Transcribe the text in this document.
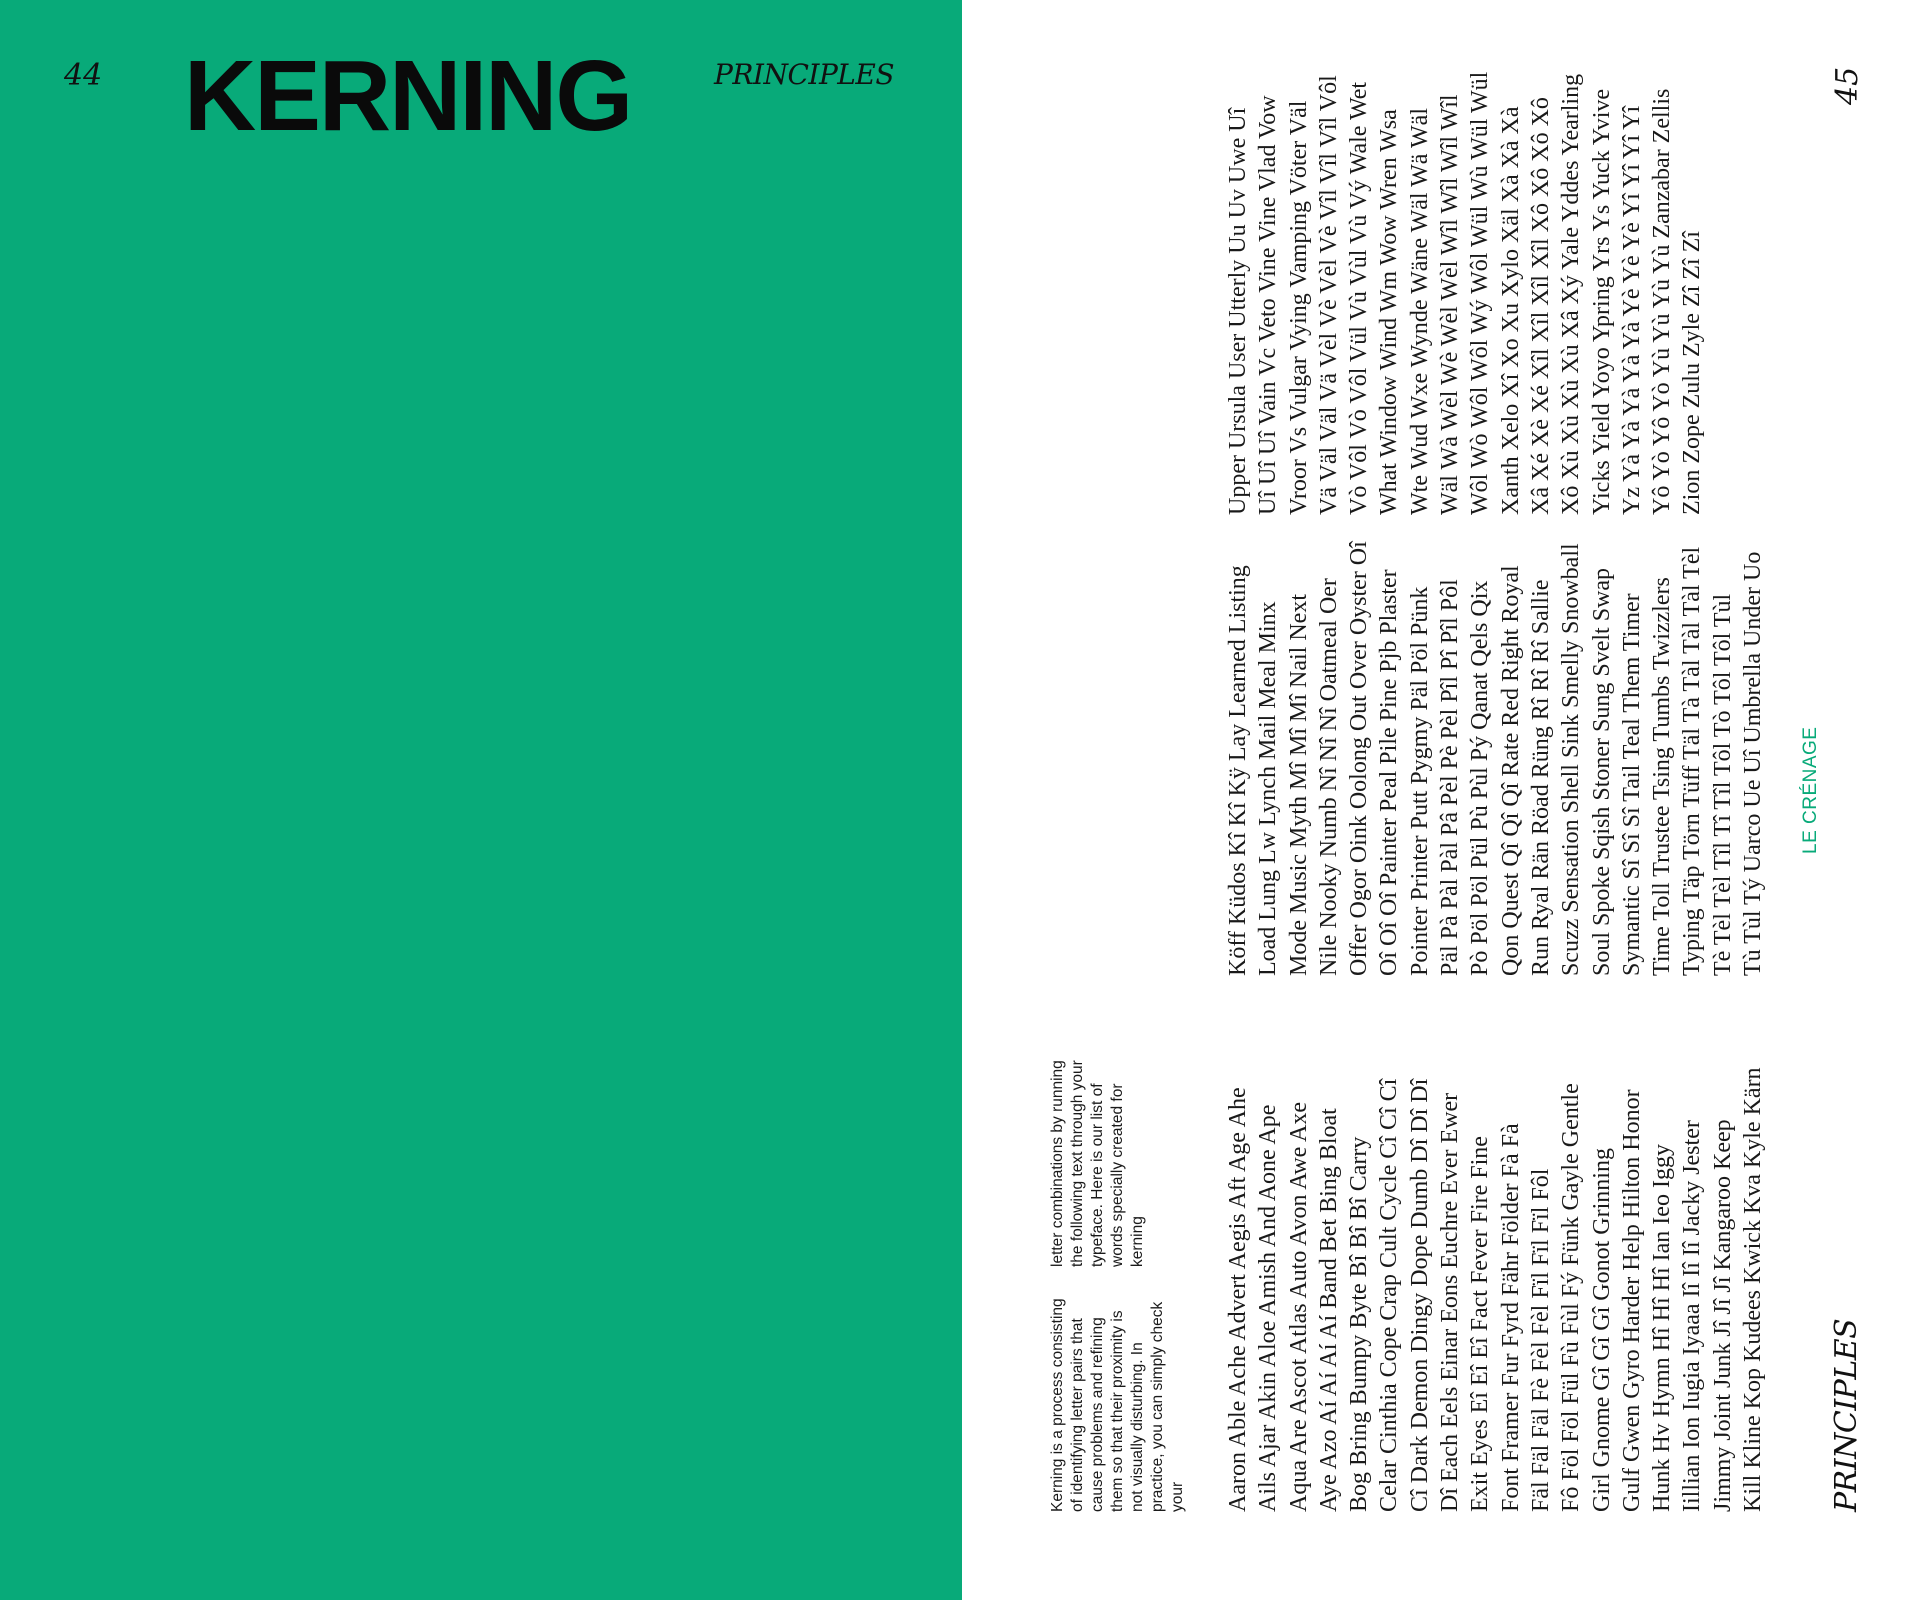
44 KERNING	PRINCIPLES
Kerning is a process consisting of identifying letter pairs that cause problems and refining them so that their proximity is not visually disturbing. In practice, you can simply check your
letter combinations by running the following text through your typeface. Here is our list of words specially created for kerning	Aaron Able Ache Advert Aegis Aft Age Ahe Ails Ajar Akin Aloe Amish And Aone Ape Aqua Are Ascot Atlas Auto Avon Awe Axe Aye Azo Aí Aí Aí Aí Band Bet Bing Bloat Bog Bring Bumpy Byte Bî Bî Bî Carry Celar Cinthia Cope Crap Cult Cycle Cî Cî Cî Cî Dark Demon Dingy Dope Dumb Dî Dî Dî Dî Each Eels Einar Eons Euchre Ever Ewer Exit Eyes Eî Eî Eî Fact Fever Fire Fine Font Framer Fur Fyrd Fähr Földer Fà Fà Fäl Fäl Fäl Fè Fèl Fèl Fïl Fïl Fïl Fôl Fô Föl Föl Fül Fù Fùl Fý Fünk Gayle Gentle Girl Gnome Gî Gî Gî Gonot Grinning Gulf Gwen Gyro Harder Help Hilton Honor Hunk Hv Hymn Hî Hî Hî Ian Ieo Iggy Iillian Ion Iugia Iyaaa Iî Iî Iî Jacky Jester Jimmy Joint Junk Jî Jî Jî Kangaroo Keep Kill Kline Kop Kudees Kwick Kva Kyle Kärn
Köff Küdos Kî Kî Kÿ Lay Learned Listing Load Lung Lw Lynch Mail Meal Minx Mode Music Myth Mî Mî Mî Nail Next Nile Nooky Numb Nî Nî Nî Oatmeal Oer Offer Ogor Oink Oolong Out Over Oyster Oî Oî Oî Oî Painter Peal Pile Pine Pjb Plaster Pointer Printer Putt Pygmy Päl Pöl Pünk Päl Pà Pàl Pàl Pâ Pèl Pè Pèl Pîl Pî Pîl Pôl Pò Pöl Pöl Pül Pù Pùl Pý Qanat Qels Qix Qon Quest Qî Qî Qî Rate Red Right Royal Run Ryal Rän Röad Rüng Rî Rî Rî Sallie Scuzz Sensation Shell Sink Smelly Snowball Soul Spoke Sqish Stoner Sung Svelt Swap Symantic Sî Sî Sî Tail Teal Them Timer Time Toll Trustee Tsing Tumbs Twizzlers Typing Täp Törn Tüff Täl Tà Tàl Tàl Tàl Tèl Tè Tèl Tèl Tîl Tî Tîl Tôl Tò Tôl Tôl Tùl Tù Tùl Tý Uarco Ue Uî Umbrella Under Uo
Upper Ursula User Utterly Uu Uv Uwe Uî Uî Uî Uî Vain Vc Veto Vine Vine Vlad Vow Vroor Vs Vulgar Vying Vamping Vöter Väl Vä Väl Väl Vä Vèl Vè Vèl Vè Vîl Vîl Vîl Vôl Vò Vôl Vò Vôl Vül Vù Vùl Vù Vý Wale Wet What Window Wind Wm Wow Wren Wsa Wte Wud Wxe Wynde Wäne Wäl Wä Wäl Wäl Wà Wèl Wè Wèl Wèl Wîl Wîl Wîl Wîl Wôl Wò Wôl Wôl Wý Wôl Wül Wù Wül Wül Xanth Xelo Xî Xo Xu Xylo Xäl Xà Xà Xà Xâ Xé Xè Xé Xîl Xîl Xîl Xîl Xô Xô Xô Xô Xô Xù Xù Xù Xù Xâ Xý Yale Yddes Yearling Yicks Yield Yoyo Ypring Yrs Ys Yuck Yvive Yz Yà Yà Yà Yà Yà Yè Yè Yè Yî Yî Yî Yî Yô Yò Yô Yò Yù Yù Yù Yù Zanzabar Zellis Zion Zope Zulu Zyle Zî Zî Zî
PRINCIPLES
LE CRÉNAGE
45
